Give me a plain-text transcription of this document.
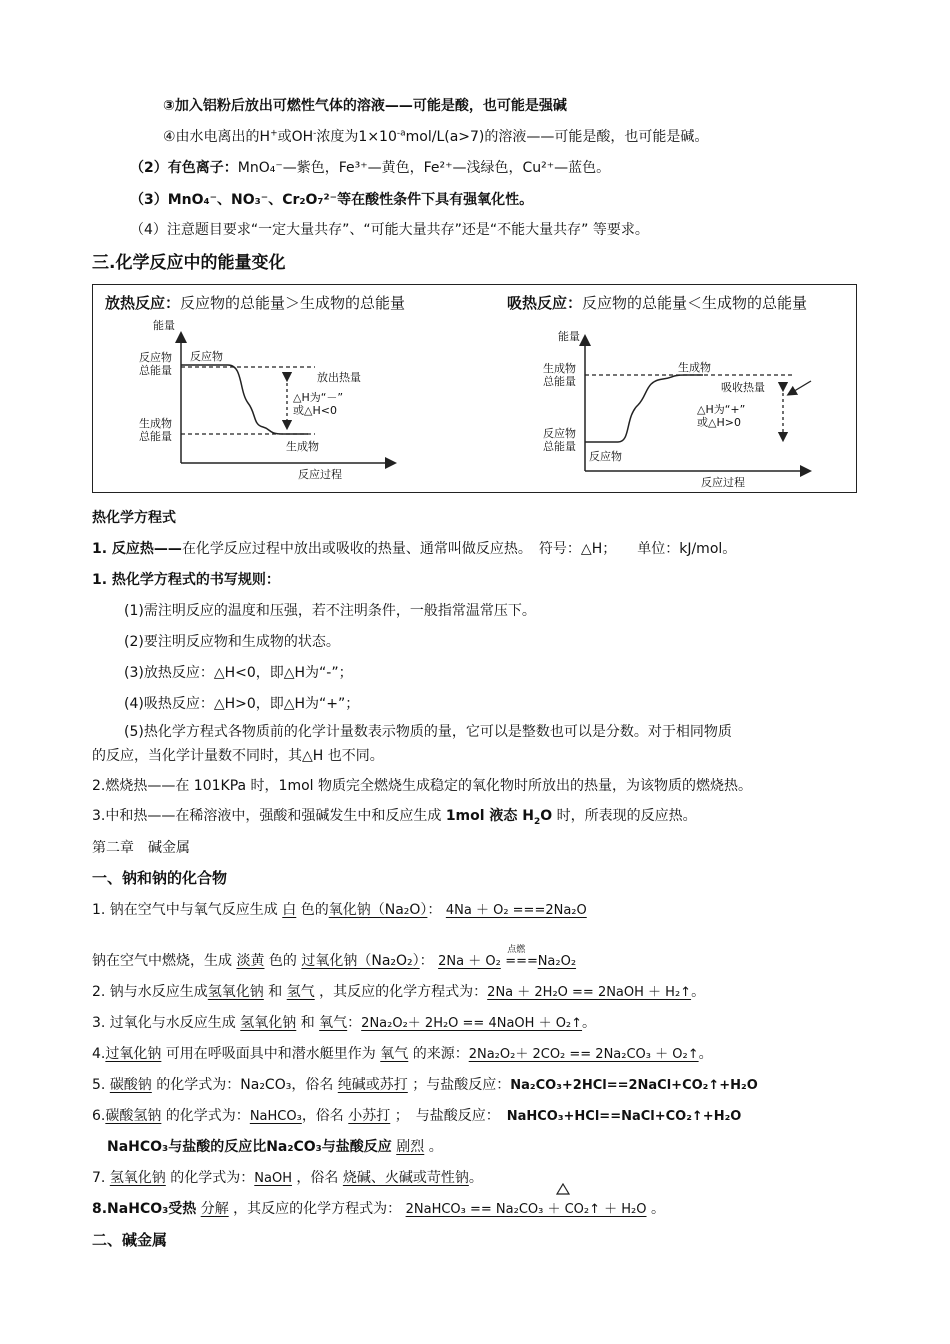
③加入铝粉后放出可燃性气体的溶液——可能是酸，也可能是强碱
④由水电离出的H+或OH-浓度为$1\times 10^{-a}mol/L(a>7)$的溶液——可能是酸，也可能是碱。
（2）有色离子：MnO₄⁻—紫色，Fe³⁺—黄色，Fe²⁺—浅绿色，Cu²⁺—蓝色。
（3）MnO₄⁻、NO₃⁻、Cr₂O₇²⁻等在酸性条件下具有强氧化性。
（4）注意题目要求“一定大量共存”、“可能大量共存”还是“不能大量共存” 等要求。
三.化学反应中的能量变化
放热反应：反应物的总能量＞生成物的总能量	吸热反应：反应物的总能量＜生成物的总能量
能量
反应物
总能量
反应物
生成物
总能量
生成物
放出热量
△H为“－”
或△H<0
反应过程
能量
生成物
总能量
生成物
吸收热量
△H为“+”
或△H>0
反应物
总能量
反应物
反应过程
热化学方程式
1. 反应热——在化学反应过程中放出或吸收的热量、通常叫做反应热。　符号：△H；　　单位：kJ/mol。
1. 热化学方程式的书写规则：
(1)需注明反应的温度和压强，若不注明条件，一般指常温常压下。
(2)要注明反应物和生成物的状态。
(3)放热反应：△H<0，即△H为“-”；
(4)吸热反应：△H>0，即△H为“+”；
(5)热化学方程式各物质前的化学计量数表示物质的量，它可以是整数也可以是分数。对于相同物质
的反应，当化学计量数不同时，其△H 也不同。
2.燃烧热——在 101KPa 时，1mol 物质完全燃烧生成稳定的氧化物时所放出的热量，为该物质的燃烧热。
3.中和热——在稀溶液中，强酸和强碱发生中和反应生成 1mol 液态 $H_2O$ 时，所表现的反应热。
第二章　碱金属
一、钠和钠的化合物
1. 钠在空气中与氧气反应生成 白 色的氧化钠（Na₂O）： 4Na ＋ O₂ ===2Na₂O
钠在空气中燃烧，生成 淡黄 色的 过氧化钠（Na₂O₂）： 2Na ＋ O₂ ===
点燃
Na₂O₂
2. 钠与水反应生成氢氧化钠 和 氢气 ，其反应的化学方程式为：2Na ＋ 2H₂O == 2NaOH ＋ H₂↑。
3. 过氧化与水反应生成 氢氧化钠 和 氧气：2Na₂O₂＋ 2H₂O == 4NaOH ＋ O₂↑。
4.过氧化钠 可用在呼吸面具中和潜水艇里作为 氧气 的来源：2Na₂O₂＋ 2CO₂ == 2Na₂CO₃ ＋ O₂↑。
5. 碳酸钠 的化学式为：Na₂CO₃，俗名 纯碱或苏打 ；与盐酸反应：Na₂CO₃+2HCl==2NaCl+CO₂↑+H₂O
6.碳酸氢钠 的化学式为：NaHCO₃，俗名 小苏打 ；　与盐酸反应：　NaHCO₃+HCl==NaCl+CO₂↑+H₂O
NaHCO₃与盐酸的反应比Na₂CO₃与盐酸反应 剧烈 。
7. 氢氧化钠 的化学式为：NaOH ，俗名 烧碱、火碱或苛性钠。
8.NaHCO₃受热 分解 ，其反应的化学方程式为： 2NaHCO₃ == Na₂CO₃ ＋ CO₂↑ ＋ H₂O 。
二、碱金属
